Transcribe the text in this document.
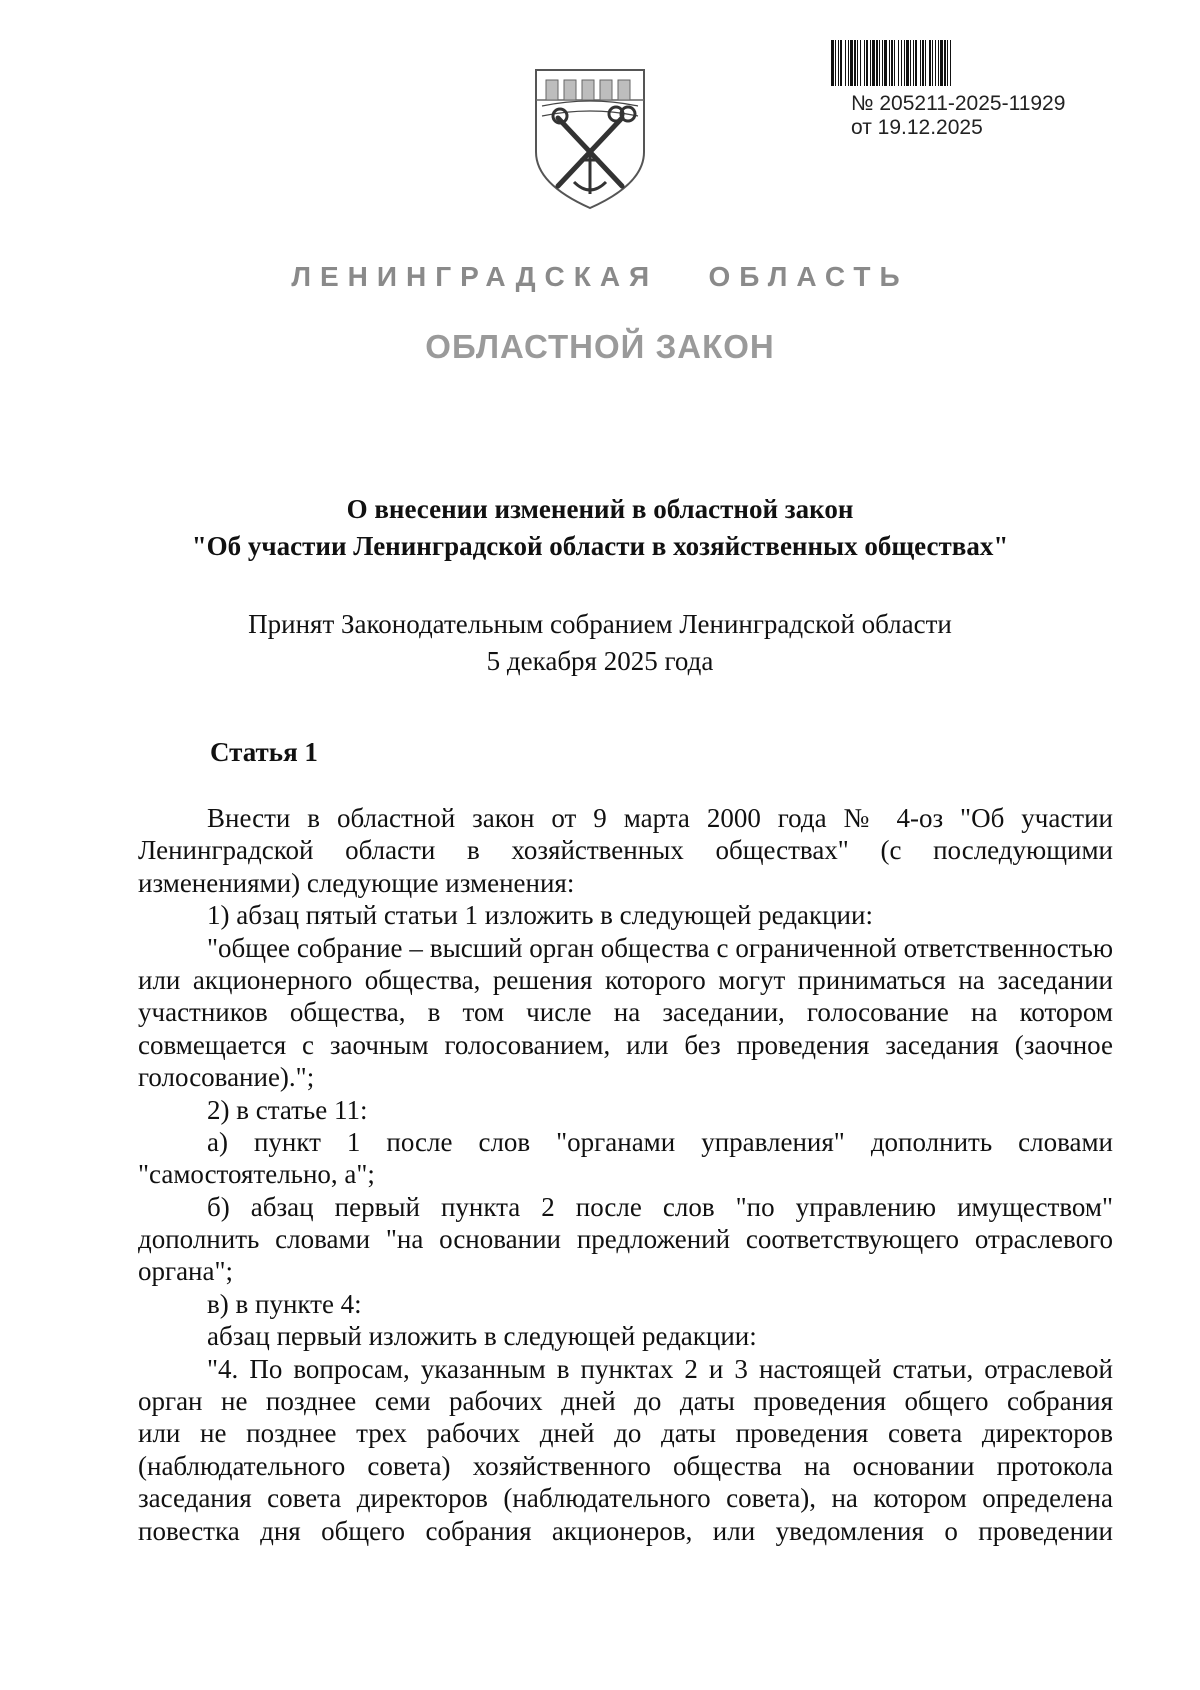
№ 205211-2025-11929
от 19.12.2025
ЛЕНИНГРАДСКАЯ   ОБЛАСТЬ
ОБЛАСТНОЙ ЗАКОН
О внесении изменений в областной закон
"Об участии Ленинградской области в хозяйственных обществах"
Принят Законодательным собранием Ленинградской области
5 декабря 2025 года
Статья 1
Внести в областной закон от 9 марта 2000 года № 4-оз "Об участии
Ленинградской области в хозяйственных обществах" (с последующими
изменениями) следующие изменения:
1) абзац пятый статьи 1 изложить в следующей редакции:
"общее собрание – высший орган общества с ограниченной ответственностью
или акционерного общества, решения которого могут приниматься на заседании
участников общества, в том числе на заседании, голосование на котором
совмещается с заочным голосованием, или без проведения заседания (заочное
голосование).";
2) в статье 11:
а) пункт 1 после слов "органами управления" дополнить словами
"самостоятельно, а";
б) абзац первый пункта 2 после слов "по управлению имуществом"
дополнить словами "на основании предложений соответствующего отраслевого
органа";
в) в пункте 4:
абзац первый изложить в следующей редакции:
"4. По вопросам, указанным в пунктах 2 и 3 настоящей статьи, отраслевой
орган не позднее семи рабочих дней до даты проведения общего собрания
или не позднее трех рабочих дней до даты проведения совета директоров
(наблюдательного совета) хозяйственного общества на основании протокола
заседания совета директоров (наблюдательного совета), на котором определена
повестка дня общего собрания акционеров, или уведомления о проведении
